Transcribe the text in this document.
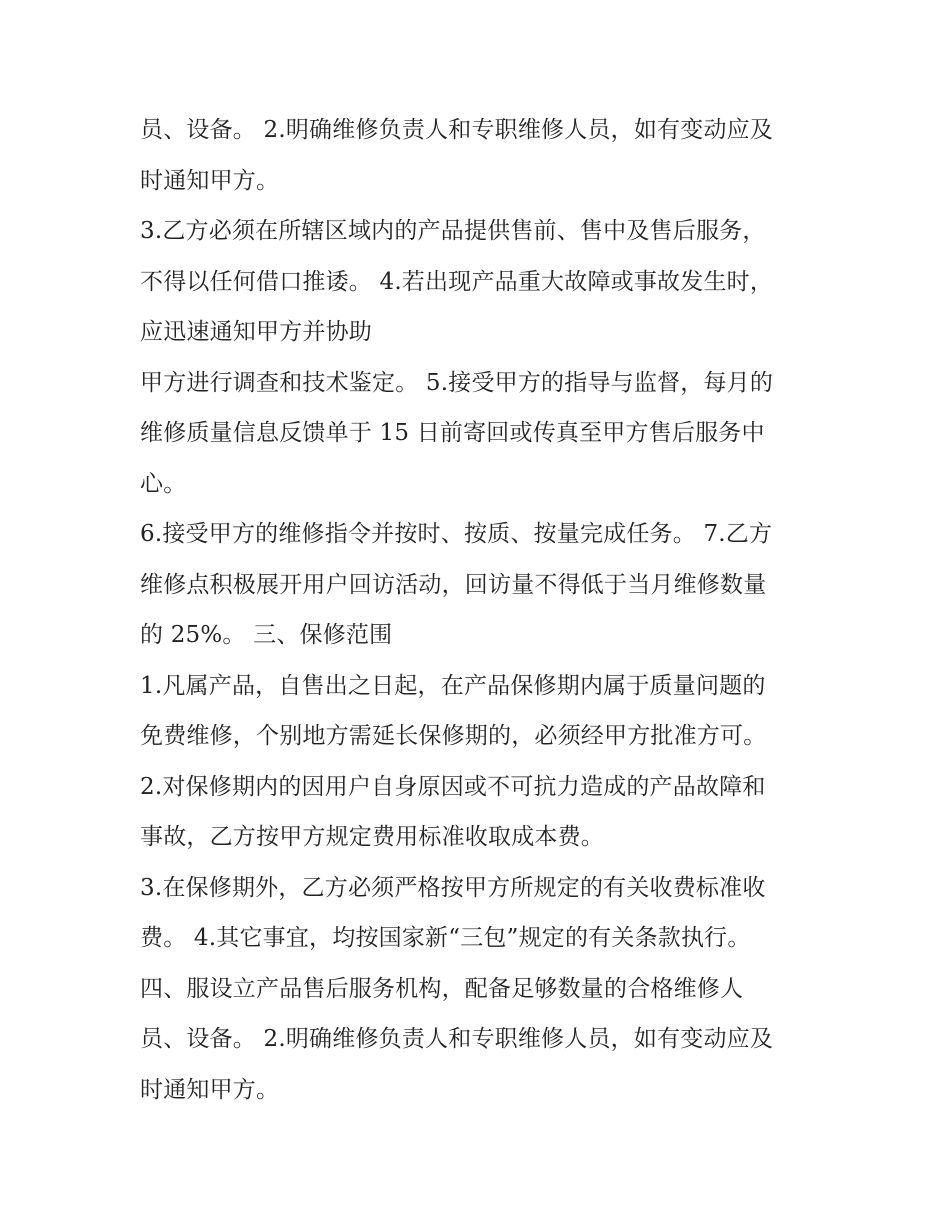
员、设备。 2.明确维修负责人和专职维修人员，如有变动应及
时通知甲方。
3.乙方必须在所辖区域内的产品提供售前、售中及售后服务，
不得以任何借口推诿。 4.若出现产品重大故障或事故发生时，
应迅速通知甲方并协助
甲方进行调查和技术鉴定。 5.接受甲方的指导与监督，每月的
维修质量信息反馈单于 15 日前寄回或传真至甲方售后服务中
心。
6.接受甲方的维修指令并按时、按质、按量完成任务。 7.乙方
维修点积极展开用户回访活动，回访量不得低于当月维修数量
的 25%。 三、保修范围
1.凡属产品，自售出之日起，在产品保修期内属于质量问题的
免费维修，个别地方需延长保修期的，必须经甲方批准方可。
2.对保修期内的因用户自身原因或不可抗力造成的产品故障和
事故，乙方按甲方规定费用标准收取成本费。
3.在保修期外，乙方必须严格按甲方所规定的有关收费标准收
费。 4.其它事宜，均按国家新“三包”规定的有关条款执行。
四、服设立产品售后服务机构，配备足够数量的合格维修人
员、设备。 2.明确维修负责人和专职维修人员，如有变动应及
时通知甲方。
